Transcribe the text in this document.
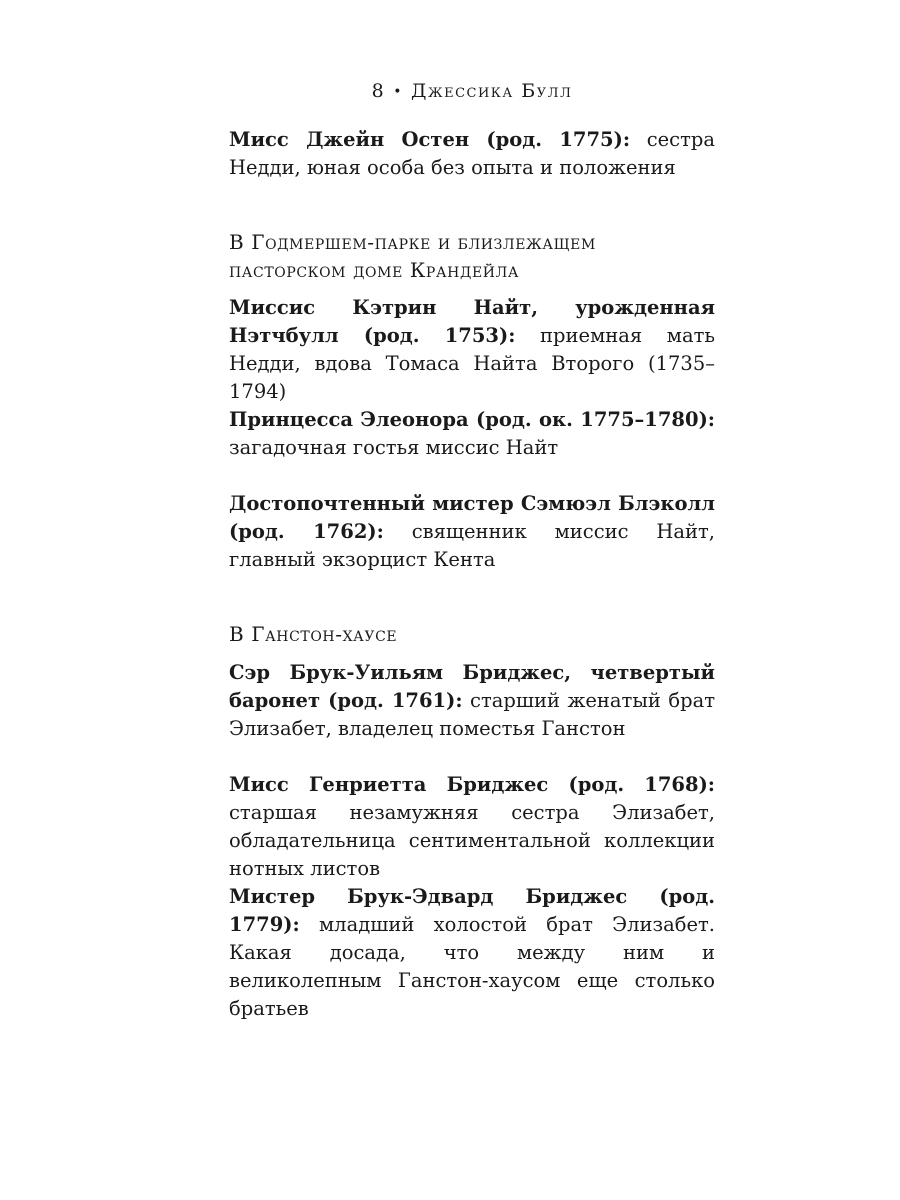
8 • Джессика Булл
Мисс Джейн Остен (род. 1775): сестра Недди, юная особа без опыта и положения
В Годмершем-парке и близлежащем пасторском доме Крандейла
Миссис Кэтрин Найт, урожденная Нэтчбулл (род. 1753): приемная мать Недди, вдова Томаса Найта Второго (1735–1794)
Принцесса Элеонора (род. ок. 1775–1780): загадочная гостья миссис Найт
Достопочтенный мистер Сэмюэл Блэколл (род. 1762): священник миссис Найт, главный экзорцист Кента
В Ганстон-хаусе
Сэр Брук-Уильям Бриджес, четвертый баронет (род. 1761): старший женатый брат Элизабет, владелец поместья Ганстон
Мисс Генриетта Бриджес (род. 1768): старшая незамужняя сестра Элизабет, обладательница сентиментальной коллекции нотных листов
Мистер Брук-Эдвард Бриджес (род. 1779): младший холостой брат Элизабет. Какая досада, что между ним и великолепным Ганстон-хаусом еще столько братьев
